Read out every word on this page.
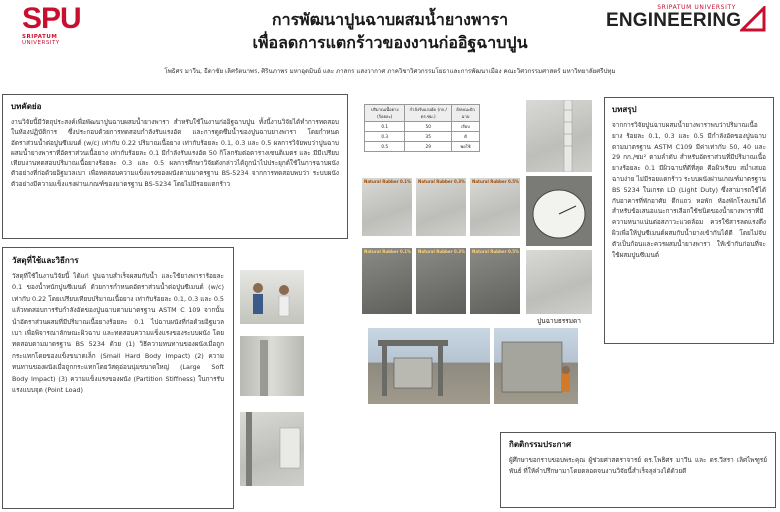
SPU
SRIPATUM
UNIVERSITY
SRIPATUM UNIVERSITY
ENGINEERING
การพัฒนาปูนฉาบผสมน้ำยางพารา
เพื่อลดการแตกร้าวของงานก่ออิฐฉาบปูน
โพธิศร มาวีน, ธีดาชัย เลิศรัตนาพร, ศิรินภาพร มหาอุดมินย์ และ ภาสกร แสงวากาศ ภาควิชาวิศวกรรมโยธาและการพัฒนาเมือง คณะวิศวกรรมศาสตร์ มหาวิทยาลัยศรีปทุม
บทคัดย่อ

งานวิจัยนี้มีวัตถุประสงค์เพื่อพัฒนาปูนฉาบผสมน้ำยางพารา สำหรับใช้ในงานก่ออิฐฉาบปูน ทั้งนี้งานวิจัยได้ทำการทดสอบในห้องปฏิบัติการ ซึ่งประกอบด้วยการทดสอบกำลังรับแรงอัด และการดูดซึมน้ำของปูนฉาบยางพารา โดยกำหนดอัตราส่วนน้ำต่อปูนซีเมนต์ (w/c) เท่ากับ 0.22 ปริมาณเนื้อยาง เท่ากับร้อยละ 0.1, 0.3 และ 0.5 ผลการวิจัยพบว่าปูนฉาบผสมน้ำยางพาราที่อัตราส่วนเนื้อยาง เท่ากับร้อยละ 0.1 มีกำลังรับแรงอัด 50 กิโลกรัมต่อตารางเซนติเมตร และ มีมีเปรียบเทียบงานทดสอบปริมาณเนื้อยางร้อยละ 0.3 และ 0.5 ผลการศึกษาวิจัยดังกล่าวได้ถูกนำไปประยุกต์ใช้ในการฉาบผนังตัวอย่างที่ก่อด้วยอิฐมวลเบา เพื่อทดสอบความแข็งแรงของผนังตามมาตรฐาน BS-5234 จากการทดสอบพบว่า ระบบผนังตัวอย่างมีความแข็งแรงผ่านเกณฑ์ของมาตรฐาน BS-5234 โดยไม่มีรอยแตกร้าว

วัสดุที่ใช้และวิธีการ

วัสดุที่ใช้ในงานวิจัยนี้ ได้แก่ ปูนฉาบสำเร็จผสมกับน้ำ และใช้ยางพาราร้อยละ 0.1 ของน้ำหนักปูนซีเมนต์ ด้วยการกำหนดอัตราส่วนน้ำต่อปูนซีเมนต์ (w/c) เท่ากับ 0.22 โดยเปรียบเทียบปริมาณเนื้อยาง เท่ากับร้อยละ 0.1, 0.3 และ 0.5 แล้วทดสอบการรับกำลังอัดของปูนฉาบตามมาตรฐาน ASTM C 109 จากนั้นนำอัตราส่วนผสมที่มีปริมาณเนื้อยางร้อยละ 0.1 ไปฉาบผนังที่ก่อด้วยอิฐมวลเบา เพื่อพิจารณาลักษณะผิวฉาบ และทดสอบความแข็งแรงของระบบผนัง โดยทดสอบตามมาตรฐาน BS 5234 ด้วย (1) วิธีความทนทานของผนังเมื่อถูกกระแทกโดยของแข็งขนาดเล็ก (Small Hard Body Impact) (2) ความทนทานของผนังเมื่อถูกกระแทกโดยวัสดุอ่อนนุ่มขนาดใหญ่ (Large Soft Body Impact) (3) ความแข็งแรงของผนัง (Partition Stiffness) ในการรับแรงแบบจุด (Point Load)

ปริมาณเนื้อยาง (ร้อยละ)	กำลังรับแรงอัด (กก./ตร.ซม.)	ลักษณะผิวฉาบ
0.1	50	เรียบ
0.3	35	ดี
0.5	29	พอใช้
Natural Rubber 0.1% Natural Rubber 0.3% Natural Rubber 0.5%
Natural Rubber 0.1% Natural Rubber 0.3% Natural Rubber 0.5%
ปูนฉาบธรรมดา
บทสรุป

จากการวิจัยปูนฉาบผสมน้ำยางพาราพบว่าปริมาณเนื้อยาง ร้อยละ 0.1, 0.3 และ 0.5 มีกำลังอัดของปูนฉาบตามมาตรฐาน ASTM C109 มีค่าเท่ากับ 50, 40 และ 29 กก./ซม² ตามลำดับ สำหรับอัตราส่วนที่มีปริมาณเนื้อยางร้อยละ 0.1 มีผิวฉาบที่ดีที่สุด คือผิวเรียบ สม่ำเสมอ ฉาบง่าย ไม่มีรอยแตกร้าว ระบบผนังผ่านเกณฑ์มาตรฐาน BS 5234 ในเกรด LD (Light Duty) ซึ่งสามารถใช้ได้กับอาคารที่พักอาศัย ตึกแถว หอพัก ห้องพักโรงแรมได้ สำหรับข้อเสนอแนะการเลือกใช้ชนิดของน้ำยางพาราที่มีความหนาแน่นต่อสภาวะแวดล้อม ควรใช้สารลดแรงตึงผิวเพื่อให้ปูนซีเมนต์ผสมกับน้ำยางเข้ากันได้ดี โดยไม่จับตัวเป็นก้อนและควรผสมน้ำยางพารา ให้เข้ากันก่อนที่จะใช้ผสมปูนซีเมนต์

กิตติกรรมประกาศ

ผู้ศึกษาขอกราบขอบพระคุณ ผู้ช่วยศาสตราจารย์ ดร.โพธิศร มาวีน และ ดร.วีสรา เลิศไพฑูรย์พันธ์ ที่ให้คำปรึกษามาโดยตลอดจนงานวิจัยนี้สำเร็จลุล่วงได้ด้วยดี
